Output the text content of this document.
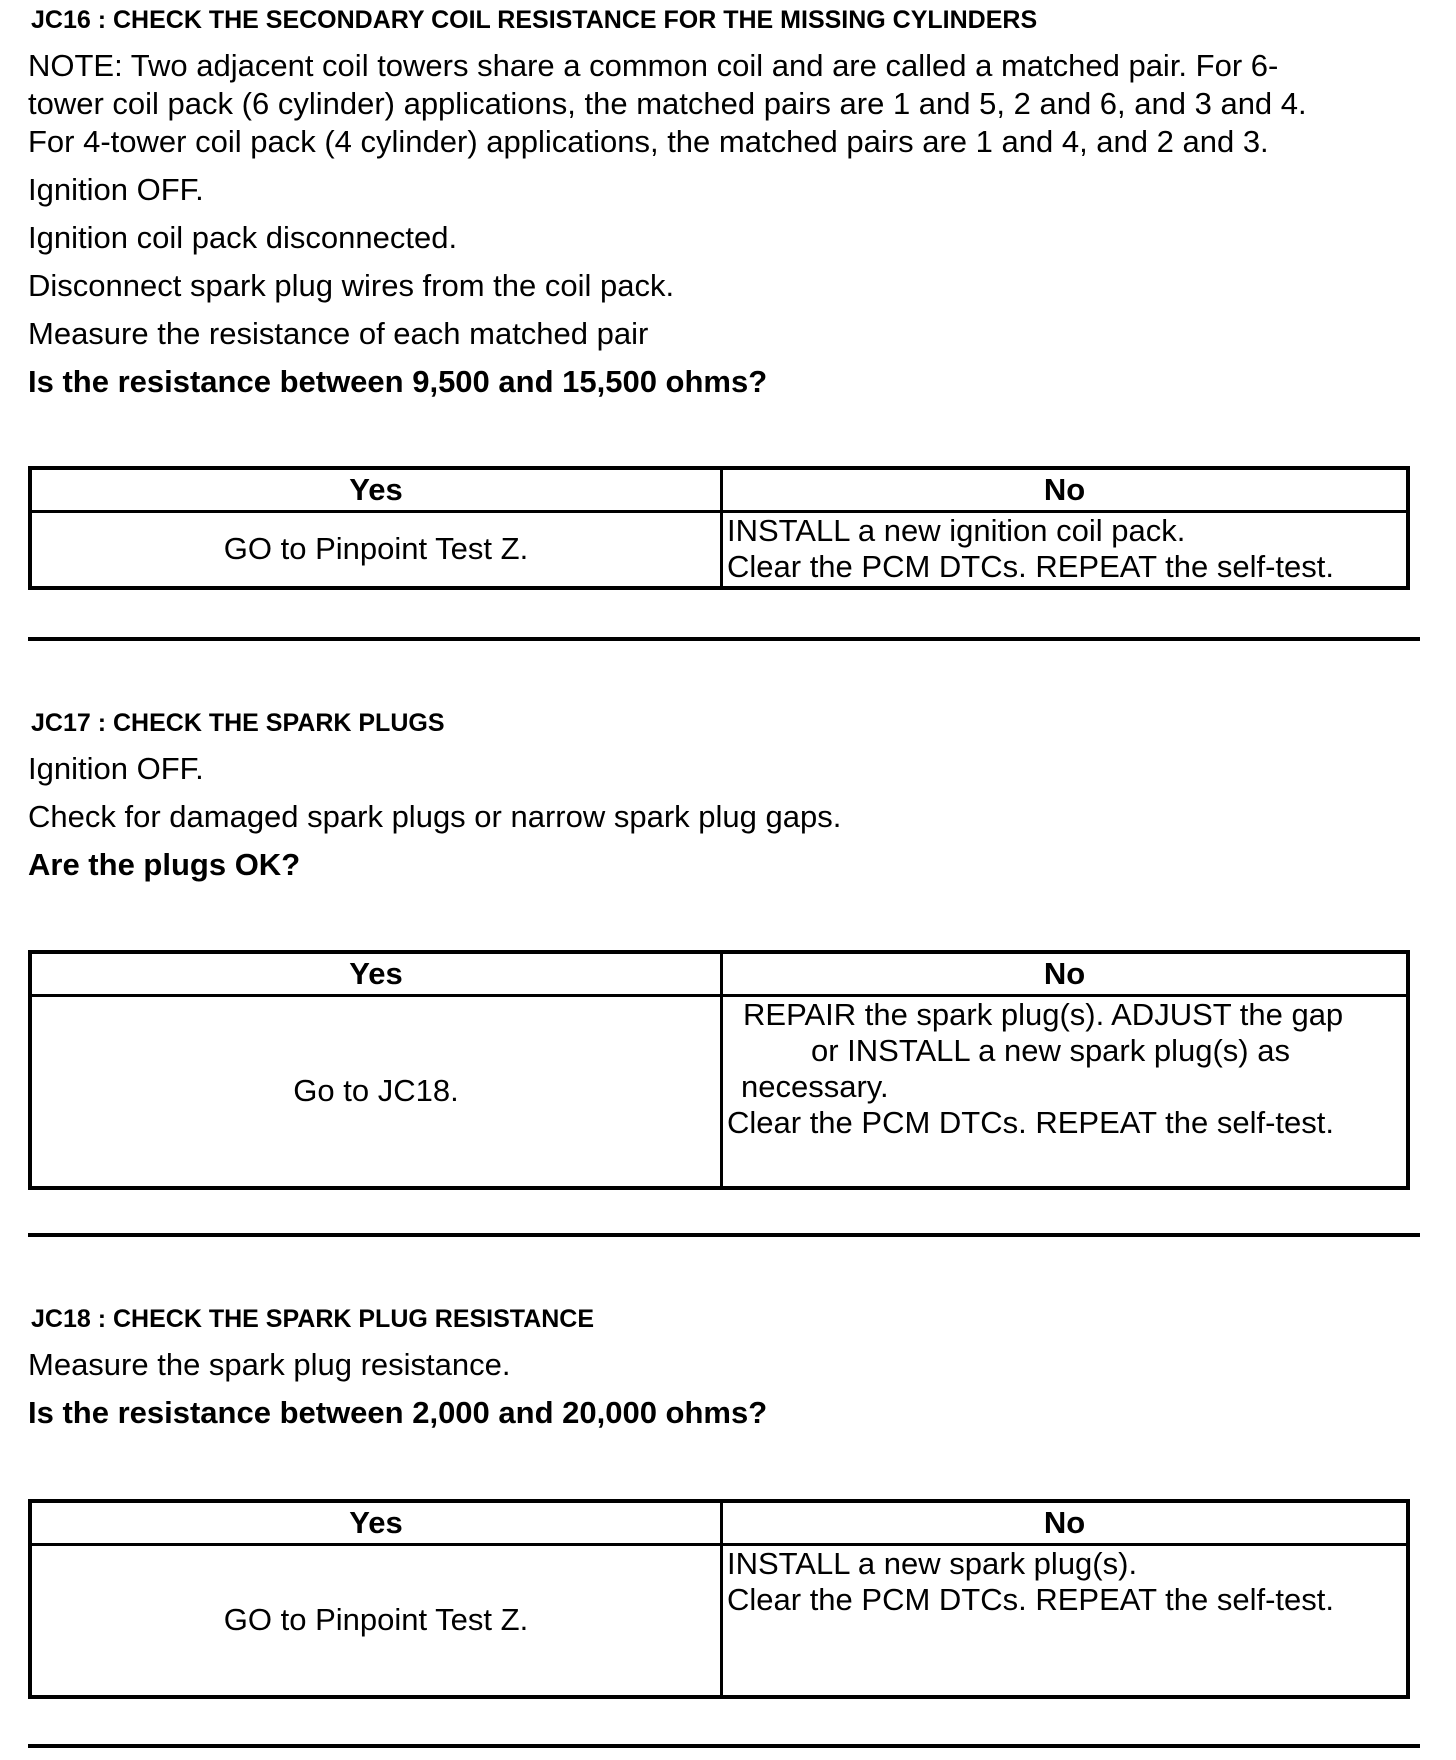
JC16 : CHECK THE SECONDARY COIL RESISTANCE FOR THE MISSING CYLINDERS
NOTE: Two adjacent coil towers share a common coil and are called a matched pair. For 6-
tower coil pack (6 cylinder) applications, the matched pairs are 1 and 5, 2 and 6, and 3 and 4.
For 4-tower coil pack (4 cylinder) applications, the matched pairs are 1 and 4, and 2 and 3.
Ignition OFF.
Ignition coil pack disconnected.
Disconnect spark plug wires from the coil pack.
Measure the resistance of each matched pair
Is the resistance between 9,500 and 15,500 ohms?
Yes	No
GO to Pinpoint Test Z.	INSTALL a new ignition coil pack.
Clear the PCM DTCs. REPEAT the self-test.
JC17 : CHECK THE SPARK PLUGS
Ignition OFF.
Check for damaged spark plugs or narrow spark plug gaps.
Are the plugs OK?
Yes	No
Go to JC18.	REPAIR the spark plug(s). ADJUST the gap
or INSTALL a new spark plug(s) as
necessary.
Clear the PCM DTCs. REPEAT the self-test.
JC18 : CHECK THE SPARK PLUG RESISTANCE
Measure the spark plug resistance.
Is the resistance between 2,000 and 20,000 ohms?
Yes	No
GO to Pinpoint Test Z.	INSTALL a new spark plug(s).
Clear the PCM DTCs. REPEAT the self-test.
